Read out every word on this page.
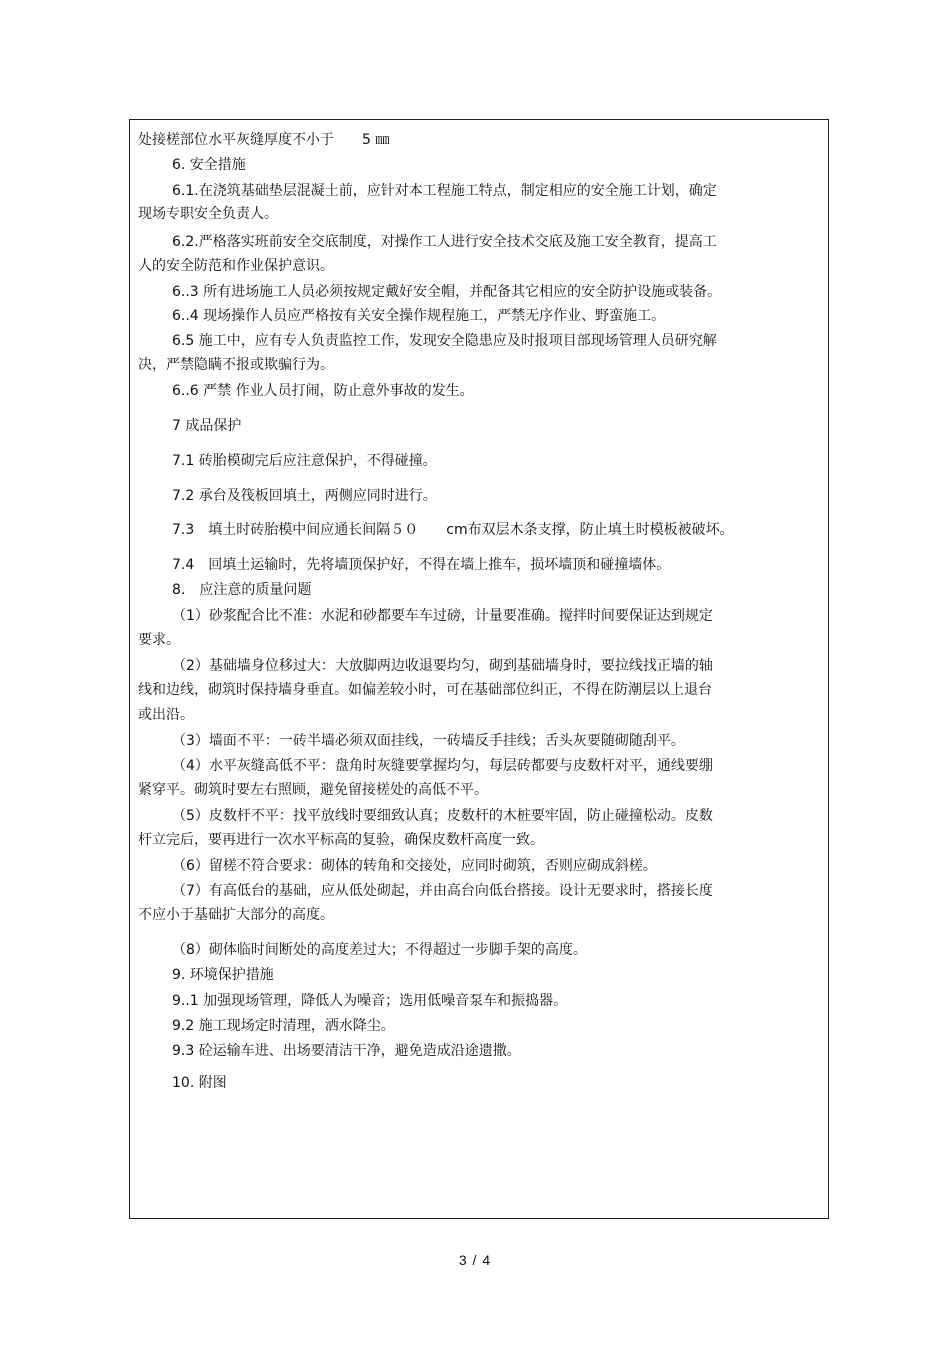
处接槎部位水平灰缝厚度不小于　　5 ㎜
6. 安全措施
6.1.在浇筑基础垫层混凝土前，应针对本工程施工特点，制定相应的安全施工计划，确定
现场专职安全负责人。
6.2.严格落实班前安全交底制度，对操作工人进行安全技术交底及施工安全教育，提高工
人的安全防范和作业保护意识。
6..3 所有进场施工人员必须按规定戴好安全帽，并配备其它相应的安全防护设施或装备。
6..4 现场操作人员应严格按有关安全操作规程施工，严禁无序作业、野蛮施工。
6.5 施工中，应有专人负责监控工作，发现安全隐患应及时报项目部现场管理人员研究解
决，严禁隐瞒不报或欺骗行为。
6..6 严禁 作业人员打闹，防止意外事故的发生。
7 成品保护
7.1 砖胎模砌完后应注意保护，不得碰撞。
7.2 承台及筏板回填土，两侧应同时进行。
7.3　填土时砖胎模中间应通长间隔５０　　cm布双层木条支撑，防止填土时模板被破坏。
7.4　回填土运输时，先将墙顶保护好，不得在墙上推车，损坏墙顶和碰撞墙体。
8.　应注意的质量问题
（1）砂浆配合比不准：水泥和砂都要车车过磅，计量要准确。搅拌时间要保证达到规定
要求。
（2）基础墙身位移过大：大放脚两边收退要均匀，砌到基础墙身时，要拉线找正墙的轴
线和边线，砌筑时保持墙身垂直。如偏差较小时，可在基础部位纠正，不得在防潮层以上退台
或出沿。
（3）墙面不平：一砖半墙必须双面挂线，一砖墙反手挂线；舌头灰要随砌随刮平。
（4）水平灰缝高低不平：盘角时灰缝要掌握均匀，每层砖都要与皮数杆对平，通线要绷
紧穿平。砌筑时要左右照顾，避免留接槎处的高低不平。
（5）皮数杆不平：找平放线时要细致认真；皮数杆的木桩要牢固，防止碰撞松动。皮数
杆立完后，要再进行一次水平标高的复验，确保皮数杆高度一致。
（6）留槎不符合要求：砌体的转角和交接处，应同时砌筑，否则应砌成斜槎。
（7）有高低台的基础，应从低处砌起，并由高台向低台搭接。设计无要求时，搭接长度
不应小于基础扩大部分的高度。
（8）砌体临时间断处的高度差过大；不得超过一步脚手架的高度。
9. 环境保护措施
9..1 加强现场管理，降低人为噪音；选用低噪音泵车和振捣器。
9.2 施工现场定时清理，洒水降尘。
9.3 砼运输车进、出场要清洁干净，避免造成沿途遗撒。
10. 附图
3 / 4
